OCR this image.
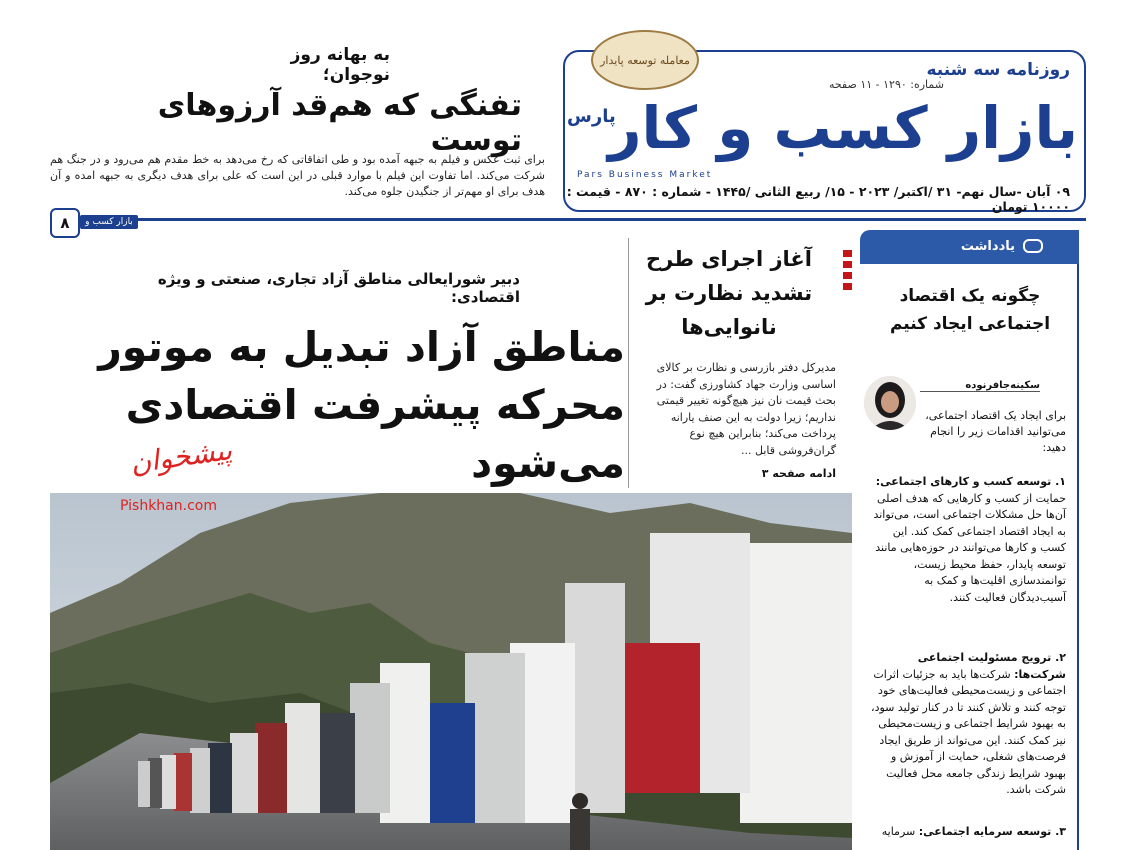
معامله توسعه پایدار	روزنامه سه شنبه
شماره: ۱۲۹۰ - ۱۱ صفحه
بازار کسب و کار
پارس
Pars Business Market
۰۹ آبان -سال نهم- ۳۱ /اکتبر/ ۲۰۲۳ - ۱۵/ ربیع الثانی /۱۴۴۵ - شماره : ۸۷۰ - قیمت : ۱۰۰۰۰ تومان
به بهانه روز نوجوان؛
تفنگی که هم‌قد آرزوهای توست
برای ثبت عکس و فیلم به جبهه آمده بود و طی اتفاقاتی که رخ می‌دهد به خط مقدم هم می‌رود و در جنگ هم شرکت می‌کند. اما تفاوت این فیلم با موارد قبلی در این است که علی برای هدف دیگری به جبهه امده و آن هدف برای او مهم‌تر از جنگیدن جلوه می‌کند.
۸	بازار کسب و کار
دبیر شورایعالی مناطق آزاد تجاری، صنعتی و ویژه اقتصادی:
مناطق آزاد تبدیل به موتور
محرکه پیشرفت اقتصادی می‌شود
پیشخوان
Pishkhan.com
آغاز اجرای طرح تشدید نظارت بر نانوایی‌ها
مدیرکل دفتر بازرسی و نظارت بر کالای اساسی وزارت جهاد کشاورزی گفت: در بحث قیمت نان نیز هیچ‌گونه تغییر قیمتی نداریم؛ زیرا دولت به این صنف یارانه پرداخت می‌کند؛ بنابراین هیچ نوع گران‌فروشی قابل ...
ادامه صفحه ۳
یادداشت
چگونه یک اقتصاد اجتماعی ایجاد کنیم
سکینه‌جافرنوده
برای ایجاد یک اقتصاد اجتماعی، می‌توانید اقدامات زیر را انجام دهید:
۱. توسعه کسب و کارهای اجتماعی: حمایت از کسب و کارهایی که هدف اصلی آن‌ها حل مشکلات اجتماعی است، می‌تواند به ایجاد اقتصاد اجتماعی کمک کند. این کسب و کارها می‌توانند در حوزه‌هایی مانند توسعه پایدار، حفظ محیط زیست، توانمندسازی اقلیت‌ها و کمک به آسیب‌دیدگان فعالیت کنند.
۲. ترویج مسئولیت اجتماعی شرکت‌ها: شرکت‌ها باید به جزئیات اثرات اجتماعی و زیست‌محیطی فعالیت‌های خود توجه کنند و تلاش کنند تا در کنار تولید سود، به بهبود شرایط اجتماعی و زیست‌محیطی نیز کمک کنند. این می‌تواند از طریق ایجاد فرصت‌های شغلی، حمایت از آموزش و بهبود شرایط زندگی جامعه محل فعالیت شرکت باشد.
۳. توسعه سرمایه اجتماعی: سرمایه
